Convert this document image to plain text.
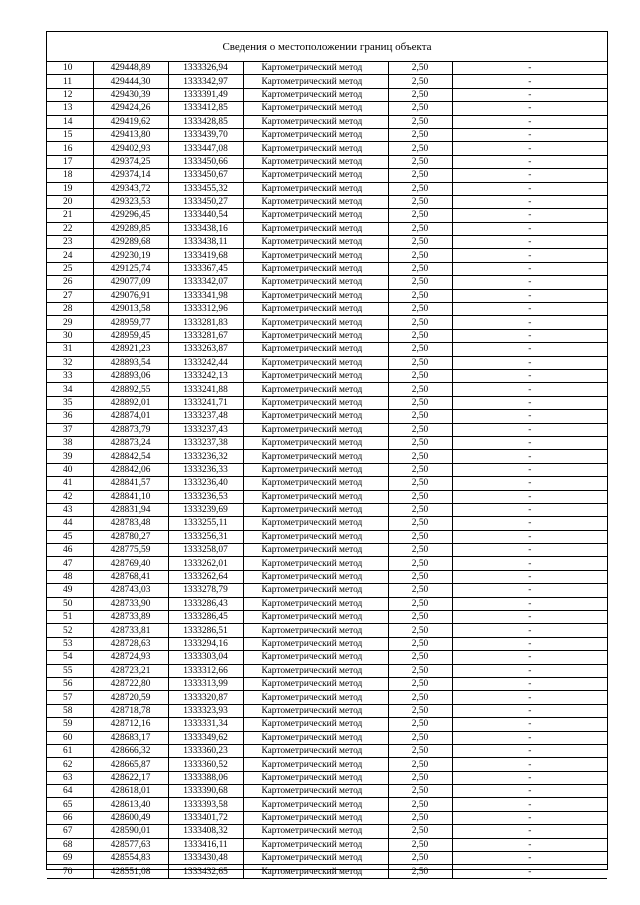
Сведения о местоположении границ объекта
10	429448,89	1333326,94	Картометрический метод	2,50	-
11	429444,30	1333342,97	Картометрический метод	2,50	-
12	429430,39	1333391,49	Картометрический метод	2,50	-
13	429424,26	1333412,85	Картометрический метод	2,50	-
14	429419,62	1333428,85	Картометрический метод	2,50	-
15	429413,80	1333439,70	Картометрический метод	2,50	-
16	429402,93	1333447,08	Картометрический метод	2,50	-
17	429374,25	1333450,66	Картометрический метод	2,50	-
18	429374,14	1333450,67	Картометрический метод	2,50	-
19	429343,72	1333455,32	Картометрический метод	2,50	-
20	429323,53	1333450,27	Картометрический метод	2,50	-
21	429296,45	1333440,54	Картометрический метод	2,50	-
22	429289,85	1333438,16	Картометрический метод	2,50	-
23	429289,68	1333438,11	Картометрический метод	2,50	-
24	429230,19	1333419,68	Картометрический метод	2,50	-
25	429125,74	1333367,45	Картометрический метод	2,50	-
26	429077,09	1333342,07	Картометрический метод	2,50	-
27	429076,91	1333341,98	Картометрический метод	2,50	-
28	429013,58	1333312,96	Картометрический метод	2,50	-
29	428959,77	1333281,83	Картометрический метод	2,50	-
30	428959,45	1333281,67	Картометрический метод	2,50	-
31	428921,23	1333263,87	Картометрический метод	2,50	-
32	428893,54	1333242,44	Картометрический метод	2,50	-
33	428893,06	1333242,13	Картометрический метод	2,50	-
34	428892,55	1333241,88	Картометрический метод	2,50	-
35	428892,01	1333241,71	Картометрический метод	2,50	-
36	428874,01	1333237,48	Картометрический метод	2,50	-
37	428873,79	1333237,43	Картометрический метод	2,50	-
38	428873,24	1333237,38	Картометрический метод	2,50	-
39	428842,54	1333236,32	Картометрический метод	2,50	-
40	428842,06	1333236,33	Картометрический метод	2,50	-
41	428841,57	1333236,40	Картометрический метод	2,50	-
42	428841,10	1333236,53	Картометрический метод	2,50	-
43	428831,94	1333239,69	Картометрический метод	2,50	-
44	428783,48	1333255,11	Картометрический метод	2,50	-
45	428780,27	1333256,31	Картометрический метод	2,50	-
46	428775,59	1333258,07	Картометрический метод	2,50	-
47	428769,40	1333262,01	Картометрический метод	2,50	-
48	428768,41	1333262,64	Картометрический метод	2,50	-
49	428743,03	1333278,79	Картометрический метод	2,50	-
50	428733,90	1333286,43	Картометрический метод	2,50	-
51	428733,89	1333286,45	Картометрический метод	2,50	-
52	428733,81	1333286,51	Картометрический метод	2,50	-
53	428728,63	1333294,16	Картометрический метод	2,50	-
54	428724,93	1333303,04	Картометрический метод	2,50	-
55	428723,21	1333312,66	Картометрический метод	2,50	-
56	428722,80	1333313,99	Картометрический метод	2,50	-
57	428720,59	1333320,87	Картометрический метод	2,50	-
58	428718,78	1333323,93	Картометрический метод	2,50	-
59	428712,16	1333331,34	Картометрический метод	2,50	-
60	428683,17	1333349,62	Картометрический метод	2,50	-
61	428666,32	1333360,23	Картометрический метод	2,50	-
62	428665,87	1333360,52	Картометрический метод	2,50	-
63	428622,17	1333388,06	Картометрический метод	2,50	-
64	428618,01	1333390,68	Картометрический метод	2,50	-
65	428613,40	1333393,58	Картометрический метод	2,50	-
66	428600,49	1333401,72	Картометрический метод	2,50	-
67	428590,01	1333408,32	Картометрический метод	2,50	-
68	428577,63	1333416,11	Картометрический метод	2,50	-
69	428554,83	1333430,48	Картометрический метод	2,50	-
70	428551,08	1333432,65	Картометрический метод	2,50	-
